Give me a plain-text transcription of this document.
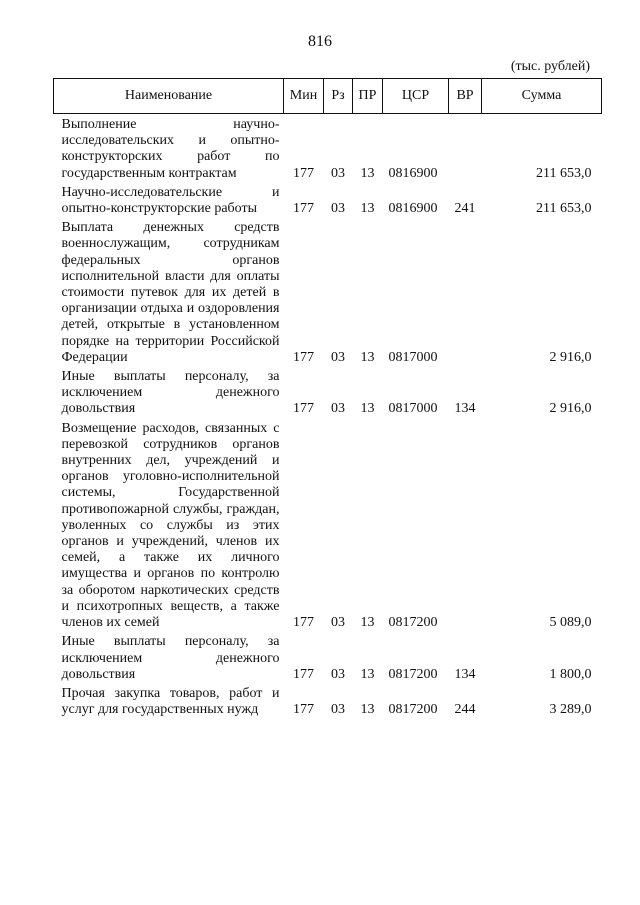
816
(тыс. рублей)
Наименование	Мин	Рз	ПР	ЦСР	ВР	Сумма
Выполнение научно-исследовательских и опытно-конструкторских работ по государственным контрактам	177	03	13	0816900		211 653,0
Научно-исследовательские и опытно-конструкторские работы	177	03	13	0816900	241	211 653,0
Выплата денежных средств военнослужащим, сотрудникам федеральных органов исполнительной власти для оплаты стоимости путевок для их детей в организации отдыха и оздоровления детей, открытые в установленном порядке на территории Российской Федерации	177	03	13	0817000		2 916,0
Иные выплаты персоналу, за исключением денежного довольствия	177	03	13	0817000	134	2 916,0
Возмещение расходов, связанных с перевозкой сотрудников органов внутренних дел, учреждений и органов уголовно-исполнительной системы, Государственной противопожарной службы, граждан, уволенных со службы из этих органов и учреждений, членов их семей, а также их личного имущества и органов по контролю за оборотом наркотических средств и психотропных веществ, а также членов их семей	177	03	13	0817200		5 089,0
Иные выплаты персоналу, за исключением денежного довольствия	177	03	13	0817200	134	1 800,0
Прочая закупка товаров, работ и услуг для государственных нужд	177	03	13	0817200	244	3 289,0
